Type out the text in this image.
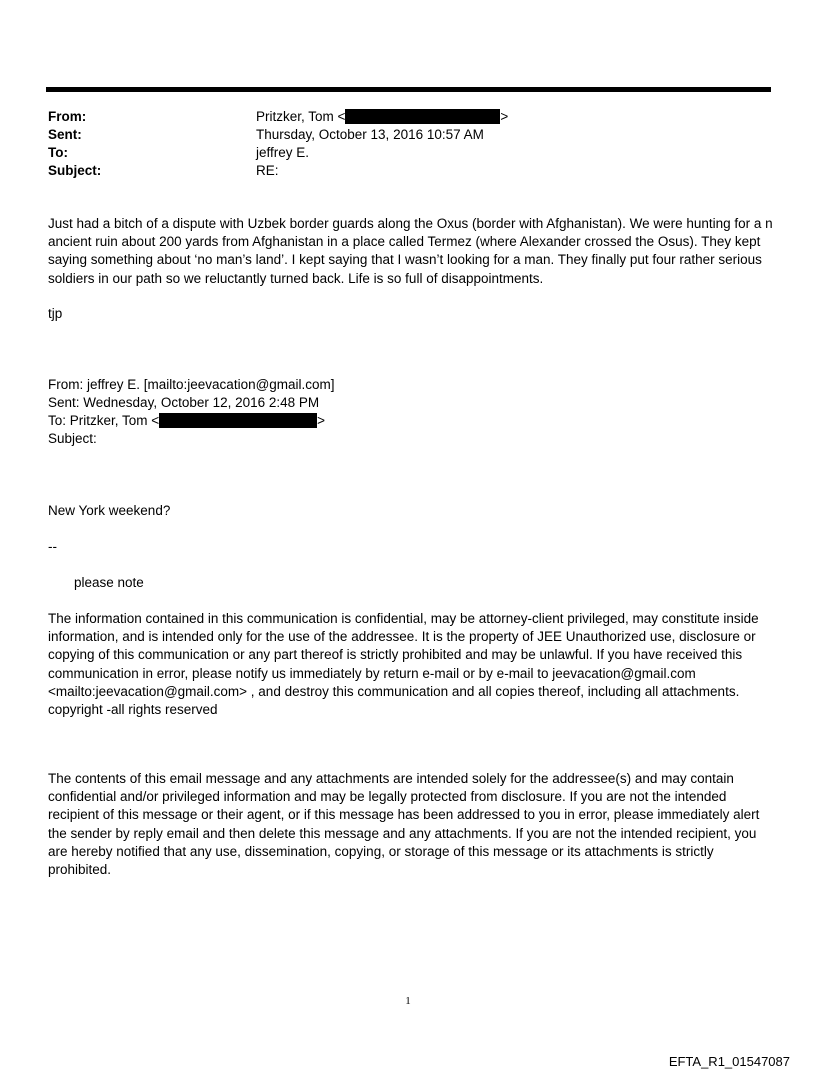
From:	Pritzker, Tom <	>
Sent:	Thursday, October 13, 2016 10:57 AM
To:	jeffrey E.
Subject:	RE:

Just had a bitch of a dispute with Uzbek border guards along the Oxus (border with Afghanistan). We were hunting for a n ancient ruin about 200 yards from Afghanistan in a place called Termez (where Alexander crossed the Osus). They kept saying something about ‘no man’s land’. I kept saying that I wasn’t looking for a man. They finally put four rather serious soldiers in our path so we reluctantly turned back. Life is so full of disappointments.

tjp

From: jeffrey E. [mailto:jeevacation@gmail.com]
Sent: Wednesday, October 12, 2016 2:48 PM
To: Pritzker, Tom <	>
Subject:

New York weekend?

--

please note

The information contained in this communication is confidential, may be attorney-client privileged, may constitute inside information, and is intended only for the use of the addressee. It is the property of JEE Unauthorized use, disclosure or copying of this communication or any part thereof is strictly prohibited and may be unlawful. If you have received this communication in error, please notify us immediately by return e-mail or by e-mail to jeevacation@gmail.com <mailto:jeevacation@gmail.com> , and destroy this communication and all copies thereof, including all attachments. copyright -all rights reserved

The contents of this email message and any attachments are intended solely for the addressee(s) and may contain confidential and/or privileged information and may be legally protected from disclosure. If you are not the intended recipient of this message or their agent, or if this message has been addressed to you in error, please immediately alert the sender by reply email and then delete this message and any attachments. If you are not the intended recipient, you are hereby notified that any use, dissemination, copying, or storage of this message or its attachments is strictly prohibited.

1
EFTA_R1_01547087
